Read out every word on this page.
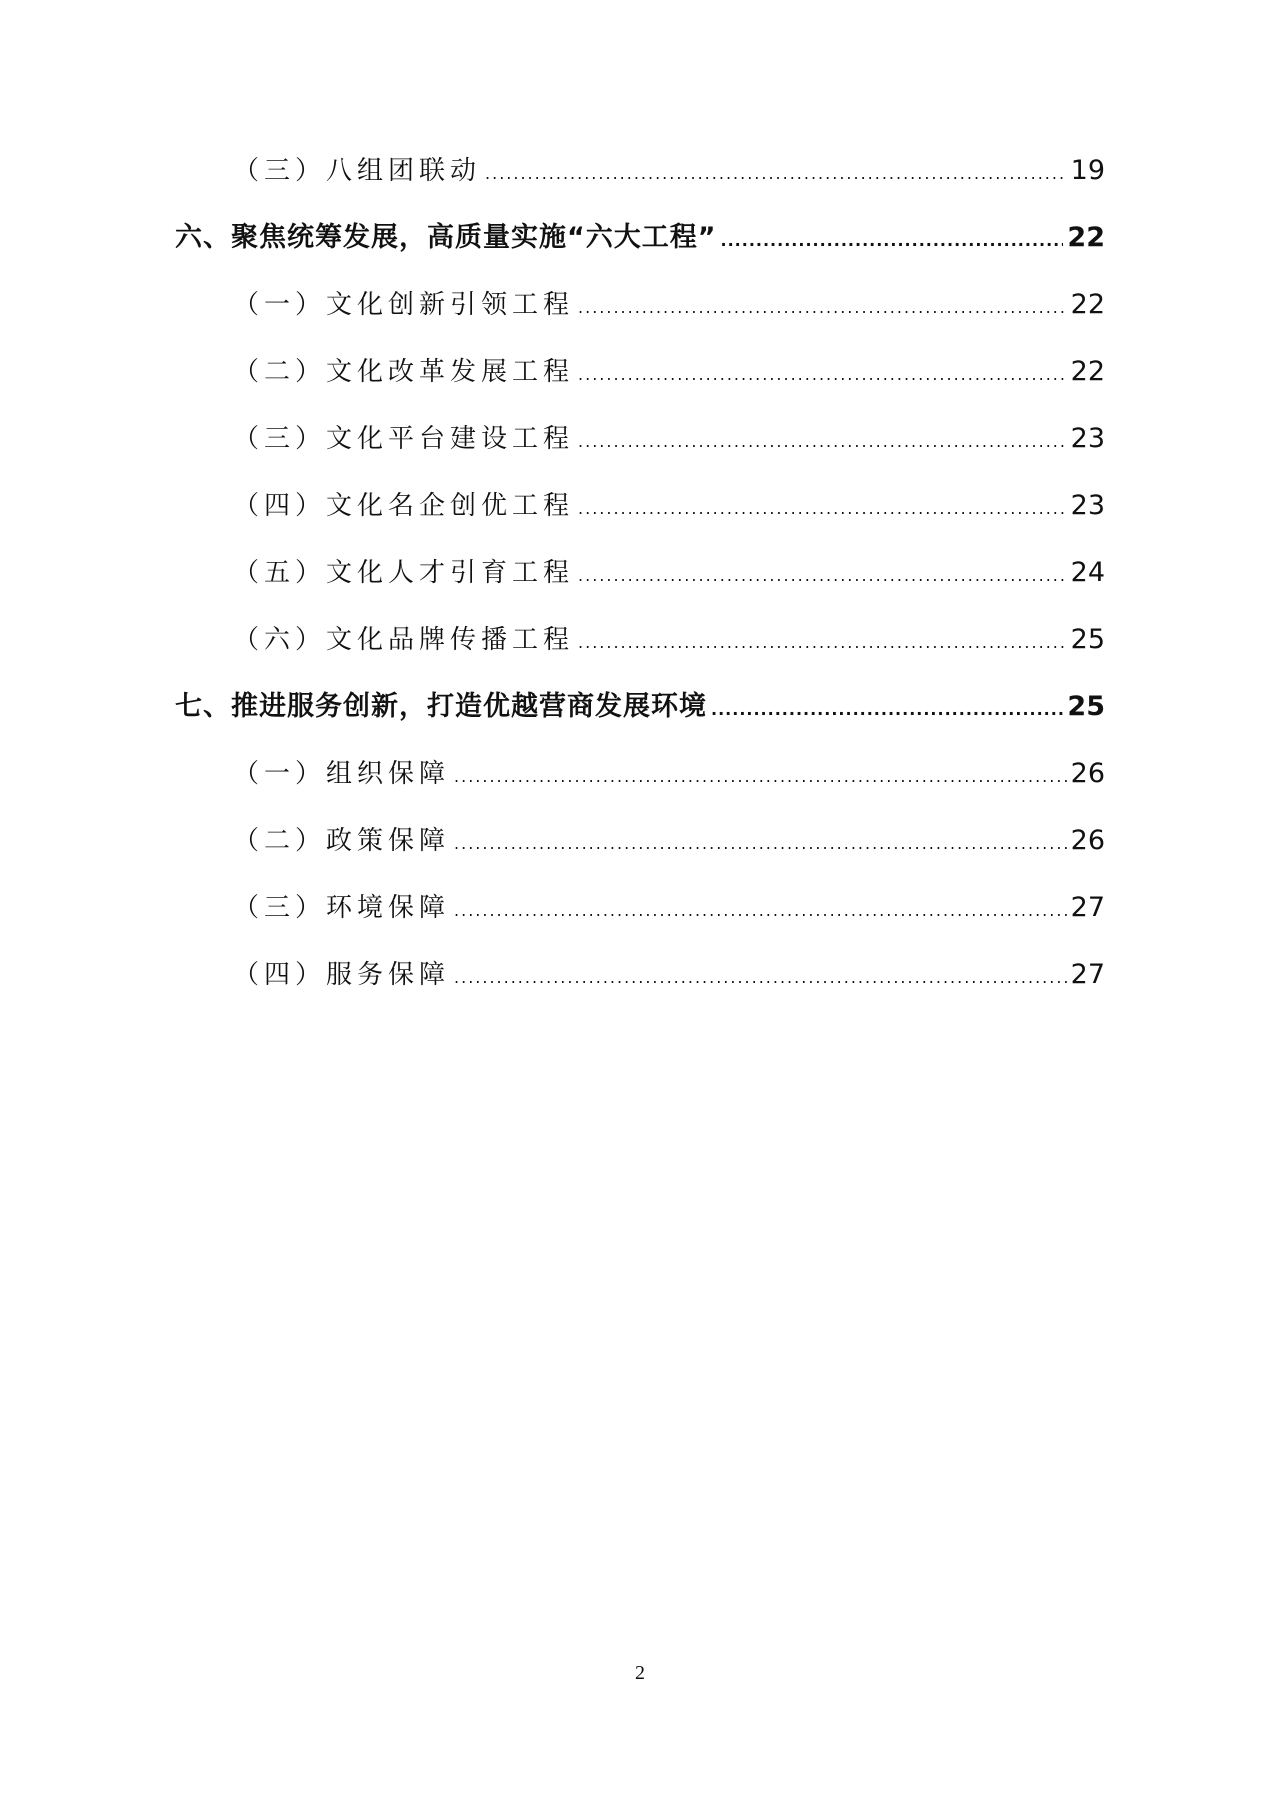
（三）八组团联动 .....	19
六、聚焦统筹发展，高质量实施“六大工程” .....	22
（一）文化创新引领工程 .....	22
（二）文化改革发展工程 .....	22
（三）文化平台建设工程 .....	23
（四）文化名企创优工程 .....	23
（五）文化人才引育工程 .....	24
（六）文化品牌传播工程 .....	25
七、推进服务创新，打造优越营商发展环境 .....	25
（一）组织保障 .....	26
（二）政策保障 .....	26
（三）环境保障 .....	27
（四）服务保障 .....	27
2
